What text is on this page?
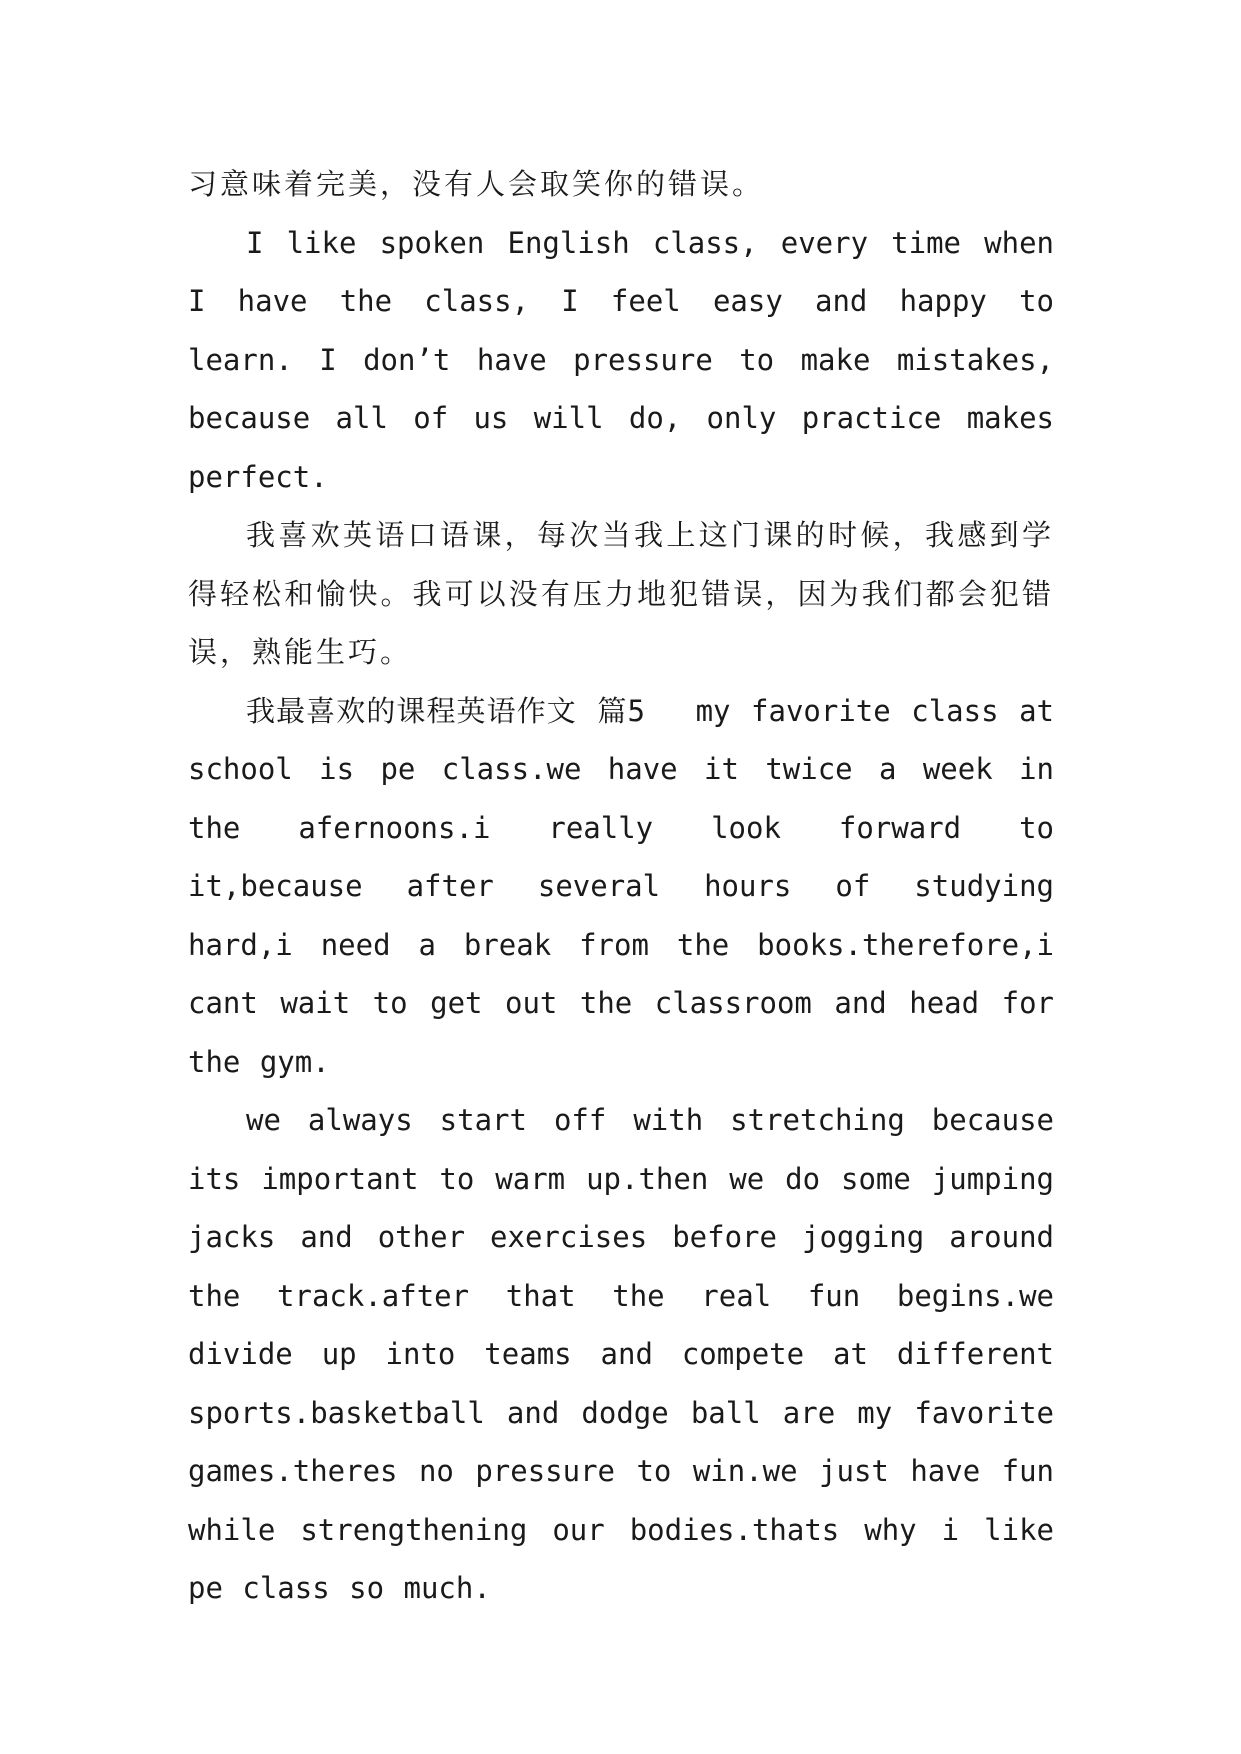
习意味着完美，没有人会取笑你的错误。

I like spoken English class, every time when I have the class, I feel easy and happy to learn. I don’t have pressure to make mistakes, because all of us will do, only practice makes perfect.

我喜欢英语口语课，每次当我上这门课的时候，我感到学得轻松和愉快。我可以没有压力地犯错误，因为我们都会犯错误，熟能生巧。

我最喜欢的课程英语作文 篇5 　my favorite class at school is pe class.we have it twice a week in the afernoons.i really look forward to it,because after several hours of studying hard,i need a break from the books.therefore,i cant wait to get out the classroom and head for the gym.

we always start off with stretching because its important to warm up.then we do some jumping jacks and other exercises before jogging around the track.after that the real fun begins.we divide up into teams and compete at different sports.basketball and dodge ball are my favorite games.theres no pressure to win.we just have fun while strengthening our bodies.thats why i like pe class so much.
